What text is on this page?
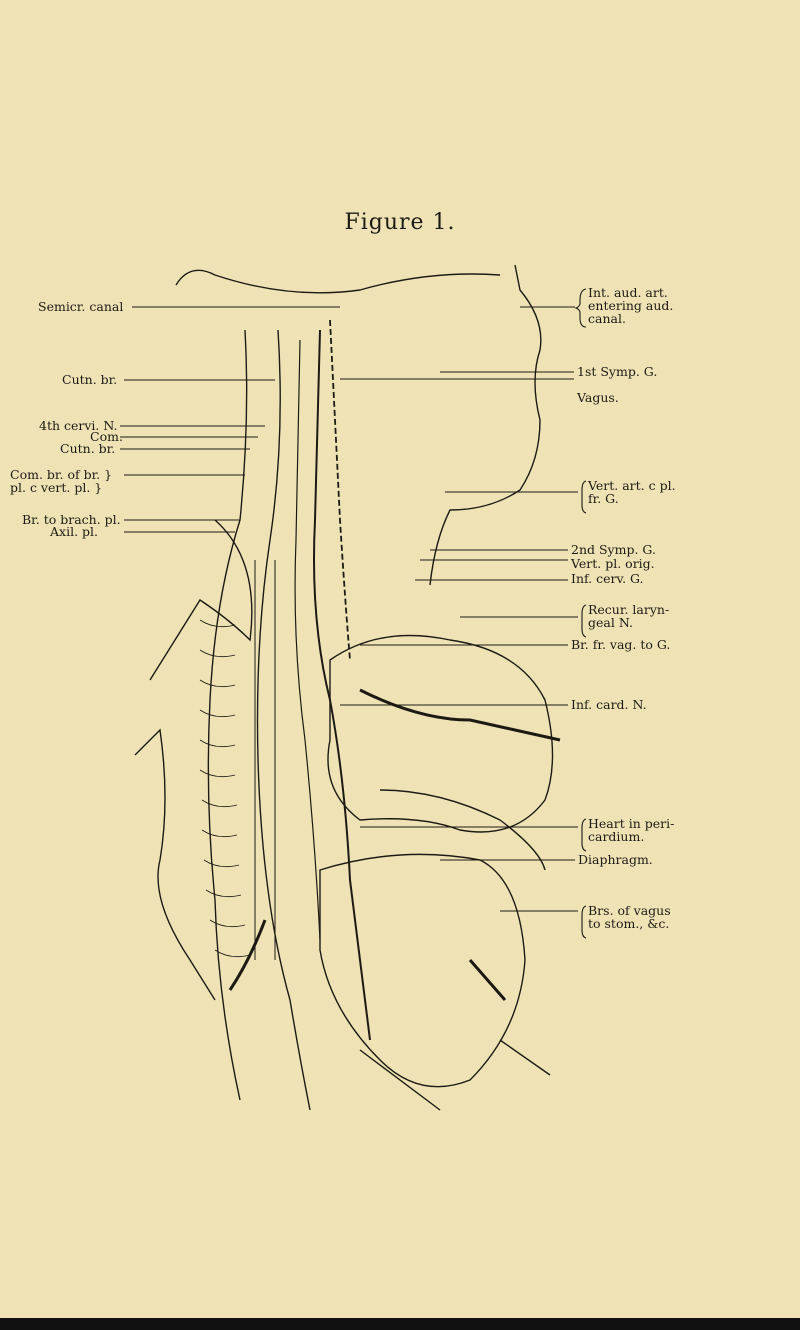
Figure 1.
Semicr. canal
Cutn. br.
4th cervi. N.
Com.
Cutn. br.
Com. br. of br. }
pl. c vert. pl. }
Br. to brach. pl.
Axil. pl.
Int. aud. art.
entering aud.
canal.
1st Symp. G.
Vagus.
Vert. art. c pl.
fr. G.
2nd Symp. G.
Vert. pl. orig.
Inf. cerv. G.
Recur. laryn-
geal N.
Br. fr. vag. to G.
Inf. card. N.
Heart in peri-
cardium.
Diaphragm.
Brs. of vagus
to stom., &c.
